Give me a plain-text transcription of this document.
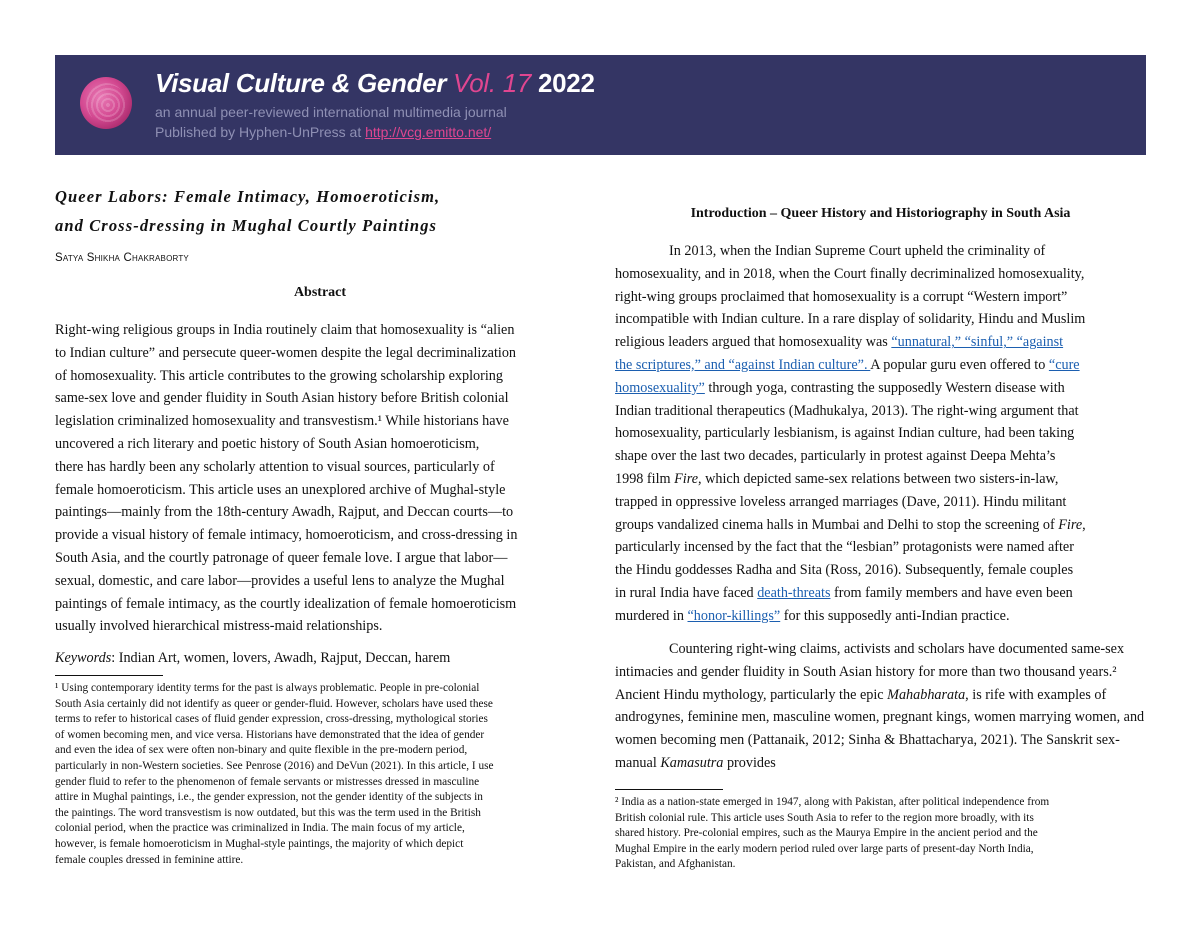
Visual Culture & Gender Vol. 17 2022
an annual peer-reviewed international multimedia journal
Published by Hyphen-UnPress at http://vcg.emitto.net/
Queer Labors: Female Intimacy, Homoeroticism,
and Cross-dressing in Mughal Courtly Paintings
Satya Shikha Chakraborty
Abstract
Right-wing religious groups in India routinely claim that homosexuality is “alien
to Indian culture” and persecute queer-women despite the legal decriminalization
of homosexuality. This article contributes to the growing scholarship exploring
same-sex love and gender fluidity in South Asian history before British colonial
legislation criminalized homosexuality and transvestism.¹ While historians have
uncovered a rich literary and poetic history of South Asian homoeroticism,
there has hardly been any scholarly attention to visual sources, particularly of
female homoeroticism. This article uses an unexplored archive of Mughal-style
paintings—mainly from the 18th-century Awadh, Rajput, and Deccan courts—to
provide a visual history of female intimacy, homoeroticism, and cross-dressing in
South Asia, and the courtly patronage of queer female love. I argue that labor—
sexual, domestic, and care labor—provides a useful lens to analyze the Mughal
paintings of female intimacy, as the courtly idealization of female homoeroticism
usually involved hierarchical mistress-maid relationships.
Keywords: Indian Art, women, lovers, Awadh, Rajput, Deccan, harem
¹ Using contemporary identity terms for the past is always problematic. People in pre-colonial
South Asia certainly did not identify as queer or gender-fluid. However, scholars have used these
terms to refer to historical cases of fluid gender expression, cross-dressing, mythological stories
of women becoming men, and vice versa. Historians have demonstrated that the idea of gender
and even the idea of sex were often non-binary and quite flexible in the pre-modern period,
particularly in non-Western societies. See Penrose (2016) and DeVun (2021). In this article, I use
gender fluid to refer to the phenomenon of female servants or mistresses dressed in masculine
attire in Mughal paintings, i.e., the gender expression, not the gender identity of the subjects in
the paintings. The word transvestism is now outdated, but this was the term used in the British
colonial period, when the practice was criminalized in India. The main focus of my article,
however, is female homoeroticism in Mughal-style paintings, the majority of which depict
female couples dressed in feminine attire.
Introduction – Queer History and Historiography in South Asia
In 2013, when the Indian Supreme Court upheld the criminality of
homosexuality, and in 2018, when the Court finally decriminalized homosexuality,
right-wing groups proclaimed that homosexuality is a corrupt “Western import”
incompatible with Indian culture. In a rare display of solidarity, Hindu and Muslim
religious leaders argued that homosexuality was “unnatural,” “sinful,” “against
the scriptures,” and “against Indian culture”. A popular guru even offered to “cure
homosexuality” through yoga, contrasting the supposedly Western disease with
Indian traditional therapeutics (Madhukalya, 2013). The right-wing argument that
homosexuality, particularly lesbianism, is against Indian culture, had been taking
shape over the last two decades, particularly in protest against Deepa Mehta’s
1998 film Fire, which depicted same-sex relations between two sisters-in-law,
trapped in oppressive loveless arranged marriages (Dave, 2011). Hindu militant
groups vandalized cinema halls in Mumbai and Delhi to stop the screening of Fire,
particularly incensed by the fact that the “lesbian” protagonists were named after
the Hindu goddesses Radha and Sita (Ross, 2016). Subsequently, female couples
in rural India have faced death-threats from family members and have even been
murdered in “honor-killings” for this supposedly anti-Indian practice.
Countering right-wing claims, activists and scholars have documented same-sex intimacies and gender fluidity in South Asian history for more than two thousand years.² Ancient Hindu mythology, particularly the epic Mahabharata, is rife with examples of androgynes, feminine men, masculine women, pregnant kings, women marrying women, and women becoming men (Pattanaik, 2012; Sinha & Bhattacharya, 2021). The Sanskrit sex-manual Kamasutra provides
² India as a nation-state emerged in 1947, along with Pakistan, after political independence from
British colonial rule. This article uses South Asia to refer to the region more broadly, with its
shared history. Pre-colonial empires, such as the Maurya Empire in the ancient period and the
Mughal Empire in the early modern period ruled over large parts of present-day North India,
Pakistan, and Afghanistan.
